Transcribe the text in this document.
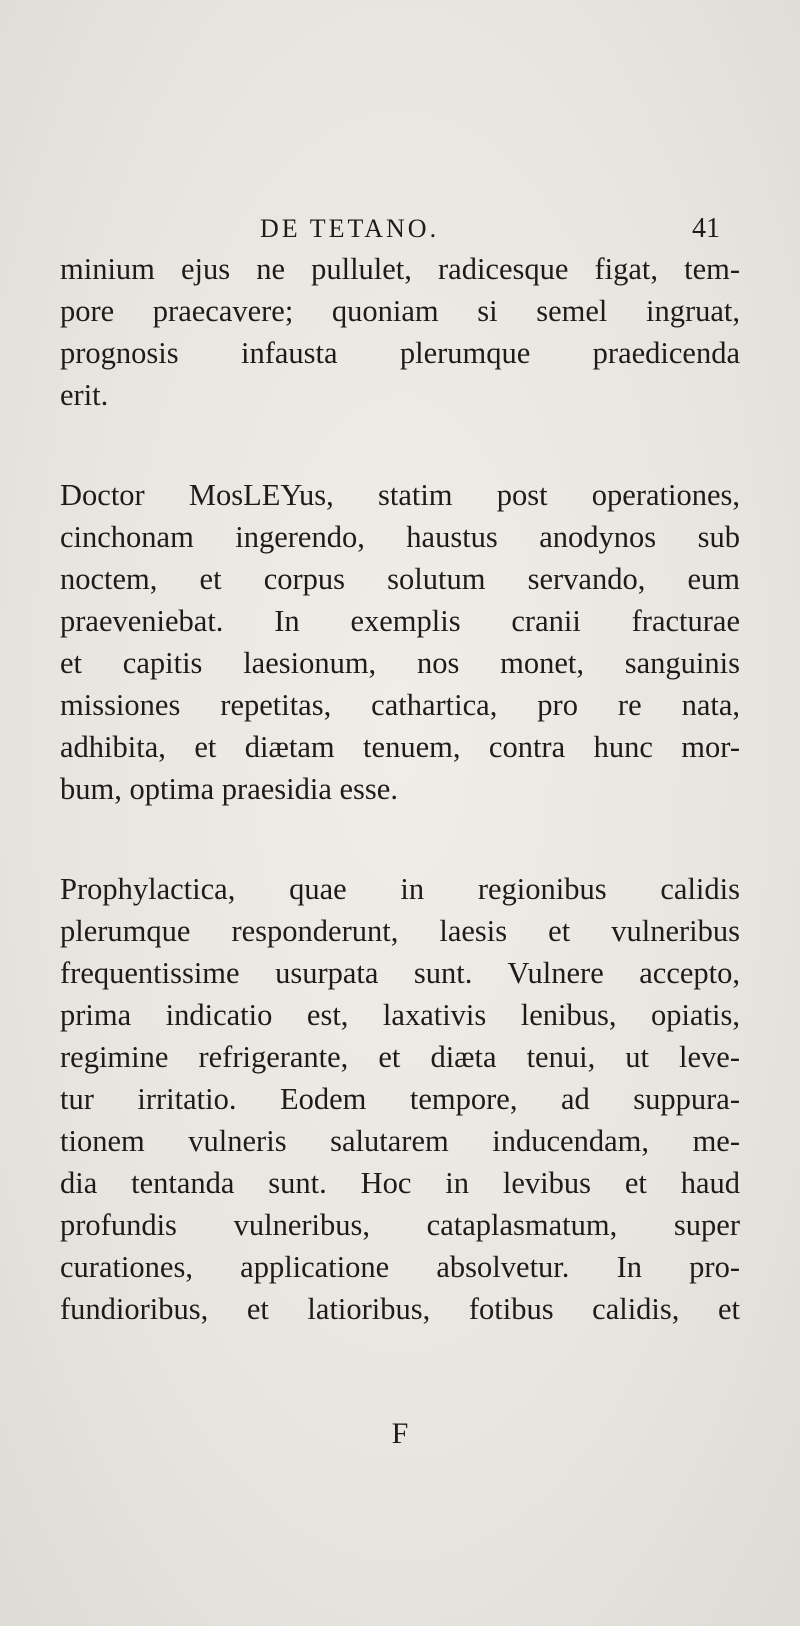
DE TETANO.	41
minium ejus ne pullulet, radicesque figat, tem-
pore praecavere; quoniam si semel ingruat,
prognosis infausta plerumque praedicenda
erit.
Doctor MosLEYus, statim post operationes,
cinchonam ingerendo, haustus anodynos sub
noctem, et corpus solutum servando, eum
praeveniebat. In exemplis cranii fracturae
et capitis laesionum, nos monet, sanguinis
missiones repetitas, cathartica, pro re nata,
adhibita, et diætam tenuem, contra hunc mor-
bum, optima praesidia esse.
Prophylactica, quae in regionibus calidis
plerumque responderunt, laesis et vulneribus
frequentissime usurpata sunt. Vulnere accepto,
prima indicatio est, laxativis lenibus, opiatis,
regimine refrigerante, et diæta tenui, ut leve-
tur irritatio. Eodem tempore, ad suppura-
tionem vulneris salutarem inducendam, me-
dia tentanda sunt. Hoc in levibus et haud
profundis vulneribus, cataplasmatum, super
curationes, applicatione absolvetur. In pro-
fundioribus, et latioribus, fotibus calidis, et
F
